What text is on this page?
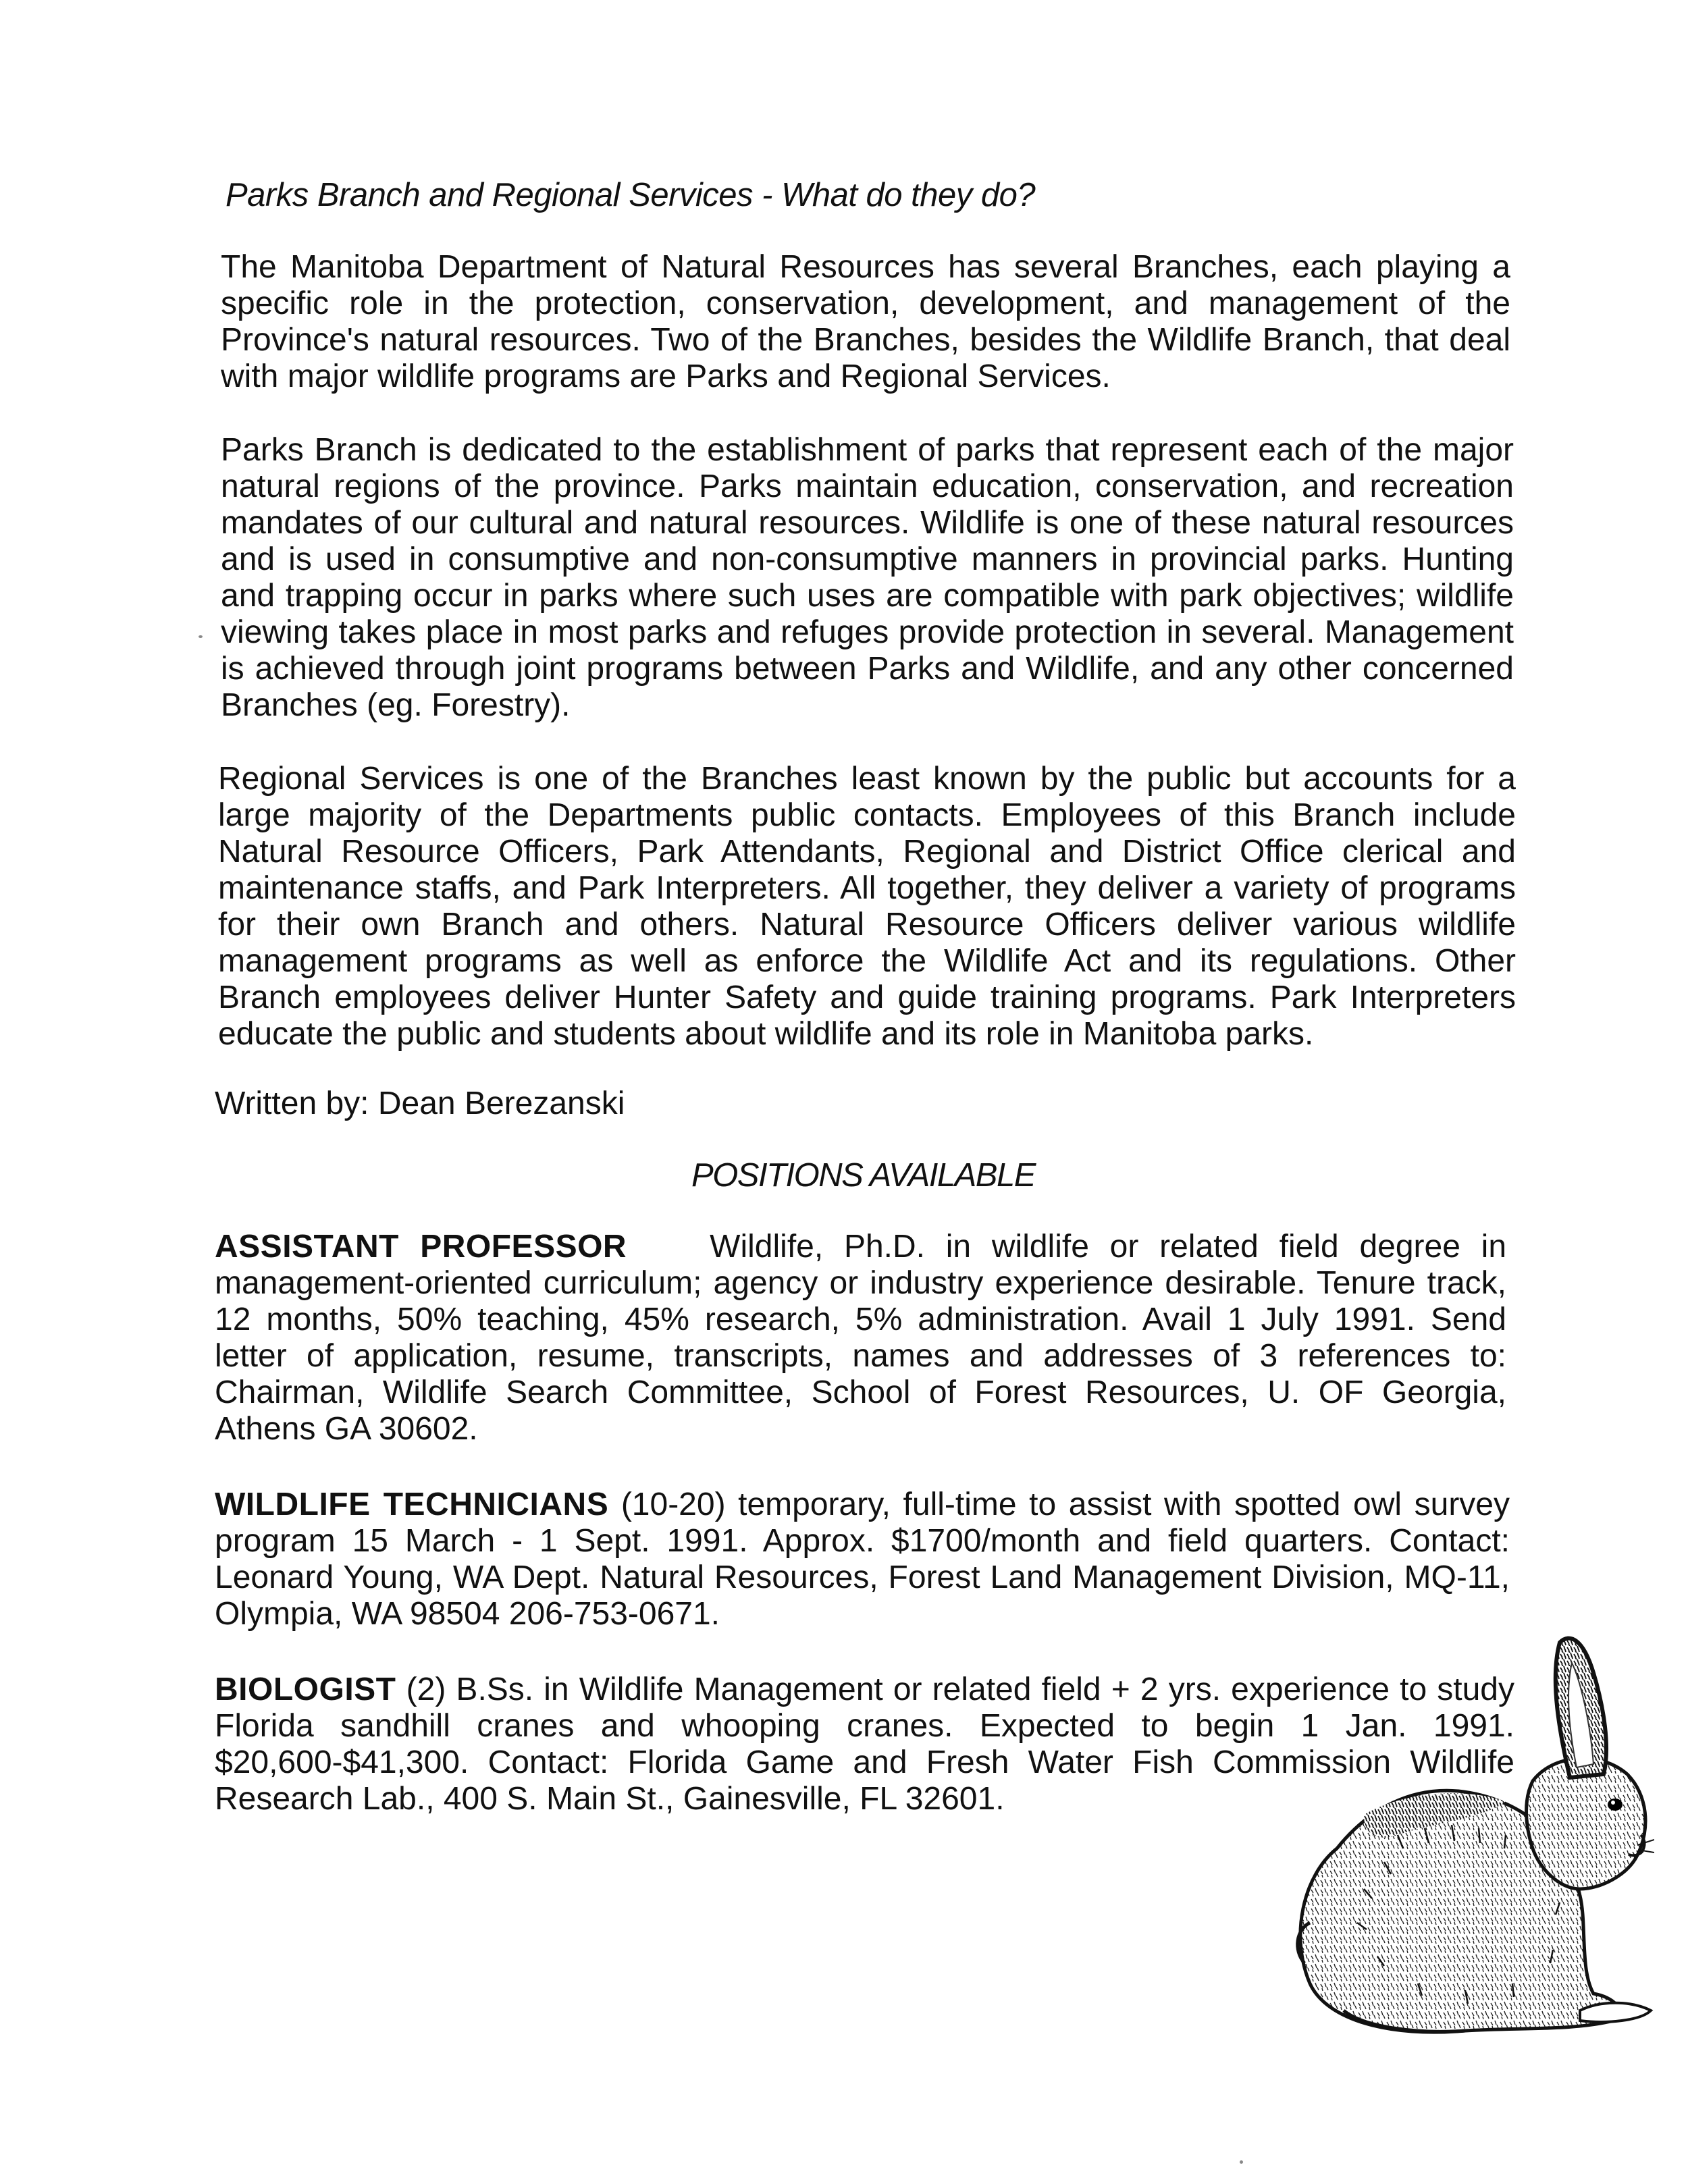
Parks Branch and Regional Services - What do they do?

The Manitoba Department of Natural Resources has several Branches, each playing a specific role in the protection, conservation, development, and management of the Province's natural resources. Two of the Branches, besides the Wildlife Branch, that deal with major wildlife programs are Parks and Regional Services.

Parks Branch is dedicated to the establishment of parks that represent each of the major natural regions of the province. Parks maintain education, conservation, and recreation mandates of our cultural and natural resources. Wildlife is one of these natural resources and is used in consumptive and non-consumptive manners in provincial parks. Hunting and trapping occur in parks where such uses are compatible with park objectives; wildlife viewing takes place in most parks and refuges provide protection in several. Management is achieved through joint programs between Parks and Wildlife, and any other concerned Branches (eg. Forestry).

Regional Services is one of the Branches least known by the public but accounts for a large majority of the Departments public contacts. Employees of this Branch include Natural Resource Officers, Park Attendants, Regional and District Office clerical and maintenance staffs, and Park Interpreters. All together, they deliver a variety of programs for their own Branch and others. Natural Resource Officers deliver various wildlife management programs as well as enforce the Wildlife Act and its regulations. Other Branch employees deliver Hunter Safety and guide training programs. Park Interpreters educate the public and students about wildlife and its role in Manitoba parks.

Written by: Dean Berezanski
POSITIONS AVAILABLE
ASSISTANT PROFESSOR	Wildlife, Ph.D. in wildlife or related field degree in management-oriented curriculum; agency or industry experience desirable. Tenure track, 12 months, 50% teaching, 45% research, 5% administration. Avail 1 July 1991. Send letter of application, resume, transcripts, names and addresses of 3 references to: Chairman, Wildlife Search Committee, School of Forest Resources, U. OF Georgia, Athens GA 30602.
WILDLIFE TECHNICIANS (10-20) temporary, full-time to assist with spotted owl survey program 15 March - 1 Sept. 1991. Approx. $1700/month and field quarters. Contact: Leonard Young, WA Dept. Natural Resources, Forest Land Management Division, MQ-11, Olympia, WA 98504 206-753-0671.
BIOLOGIST (2) B.Ss. in Wildlife Management or related field + 2 yrs. experience to study Florida sandhill cranes and whooping cranes. Expected to begin 1 Jan. 1991. $20,600-$41,300. Contact: Florida Game and Fresh Water Fish Commission Wildlife Research Lab., 400 S. Main St., Gainesville, FL 32601.
